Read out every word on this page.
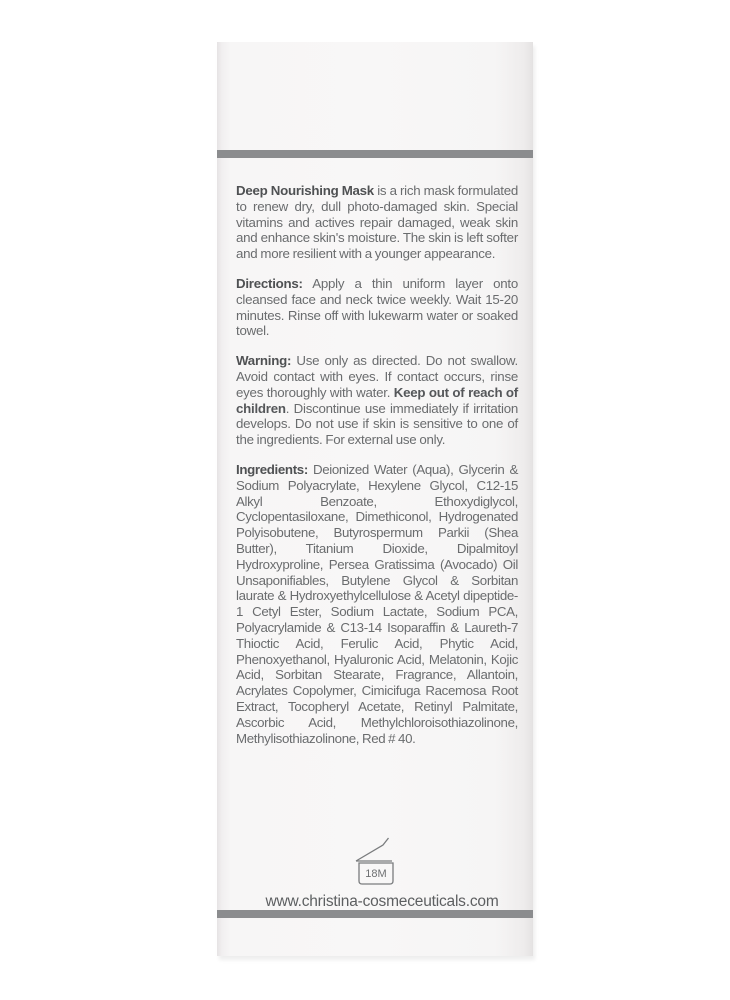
Deep Nourishing Mask is a rich mask formulated to renew dry, dull photo-damaged skin. Special vitamins and actives repair damaged, weak skin and enhance skin's moisture. The skin is left softer and more resilient with a younger appearance.

Directions: Apply a thin uniform layer onto cleansed face and neck twice weekly. Wait 15-20 minutes. Rinse off with lukewarm water or soaked towel.

Warning: Use only as directed. Do not swallow. Avoid contact with eyes. If contact occurs, rinse eyes thoroughly with water. Keep out of reach of children. Discontinue use immediately if irritation develops. Do not use if skin is sensitive to one of the ingredients. For external use only.

Ingredients: Deionized Water (Aqua), Glycerin & Sodium Polyacrylate, Hexylene Glycol, C12-15 Alkyl Benzoate, Ethoxydiglycol, Cyclopentasiloxane, Dimethiconol, Hydrogenated Polyisobutene, Butyrospermum Parkii (Shea Butter), Titanium Dioxide, Dipalmitoyl Hydroxyproline, Persea Gratissima (Avocado) Oil Unsaponifiables, Butylene Glycol & Sorbitan laurate & Hydroxyethylcellulose & Acetyl dipeptide-1 Cetyl Ester, Sodium Lactate, Sodium PCA, Polyacrylamide & C13-14 Isoparaffin & Laureth-7 Thioctic Acid, Ferulic Acid, Phytic Acid, Phenoxyethanol, Hyaluronic Acid, Melatonin, Kojic Acid, Sorbitan Stearate, Fragrance, Allantoin, Acrylates Copolymer, Cimicifuga Racemosa Root Extract, Tocopheryl Acetate, Retinyl Palmitate, Ascorbic Acid, Methylchloroisothiazolinone, Methylisothiazolinone, Red # 40.

18M
www.christina-cosmeceuticals.com
